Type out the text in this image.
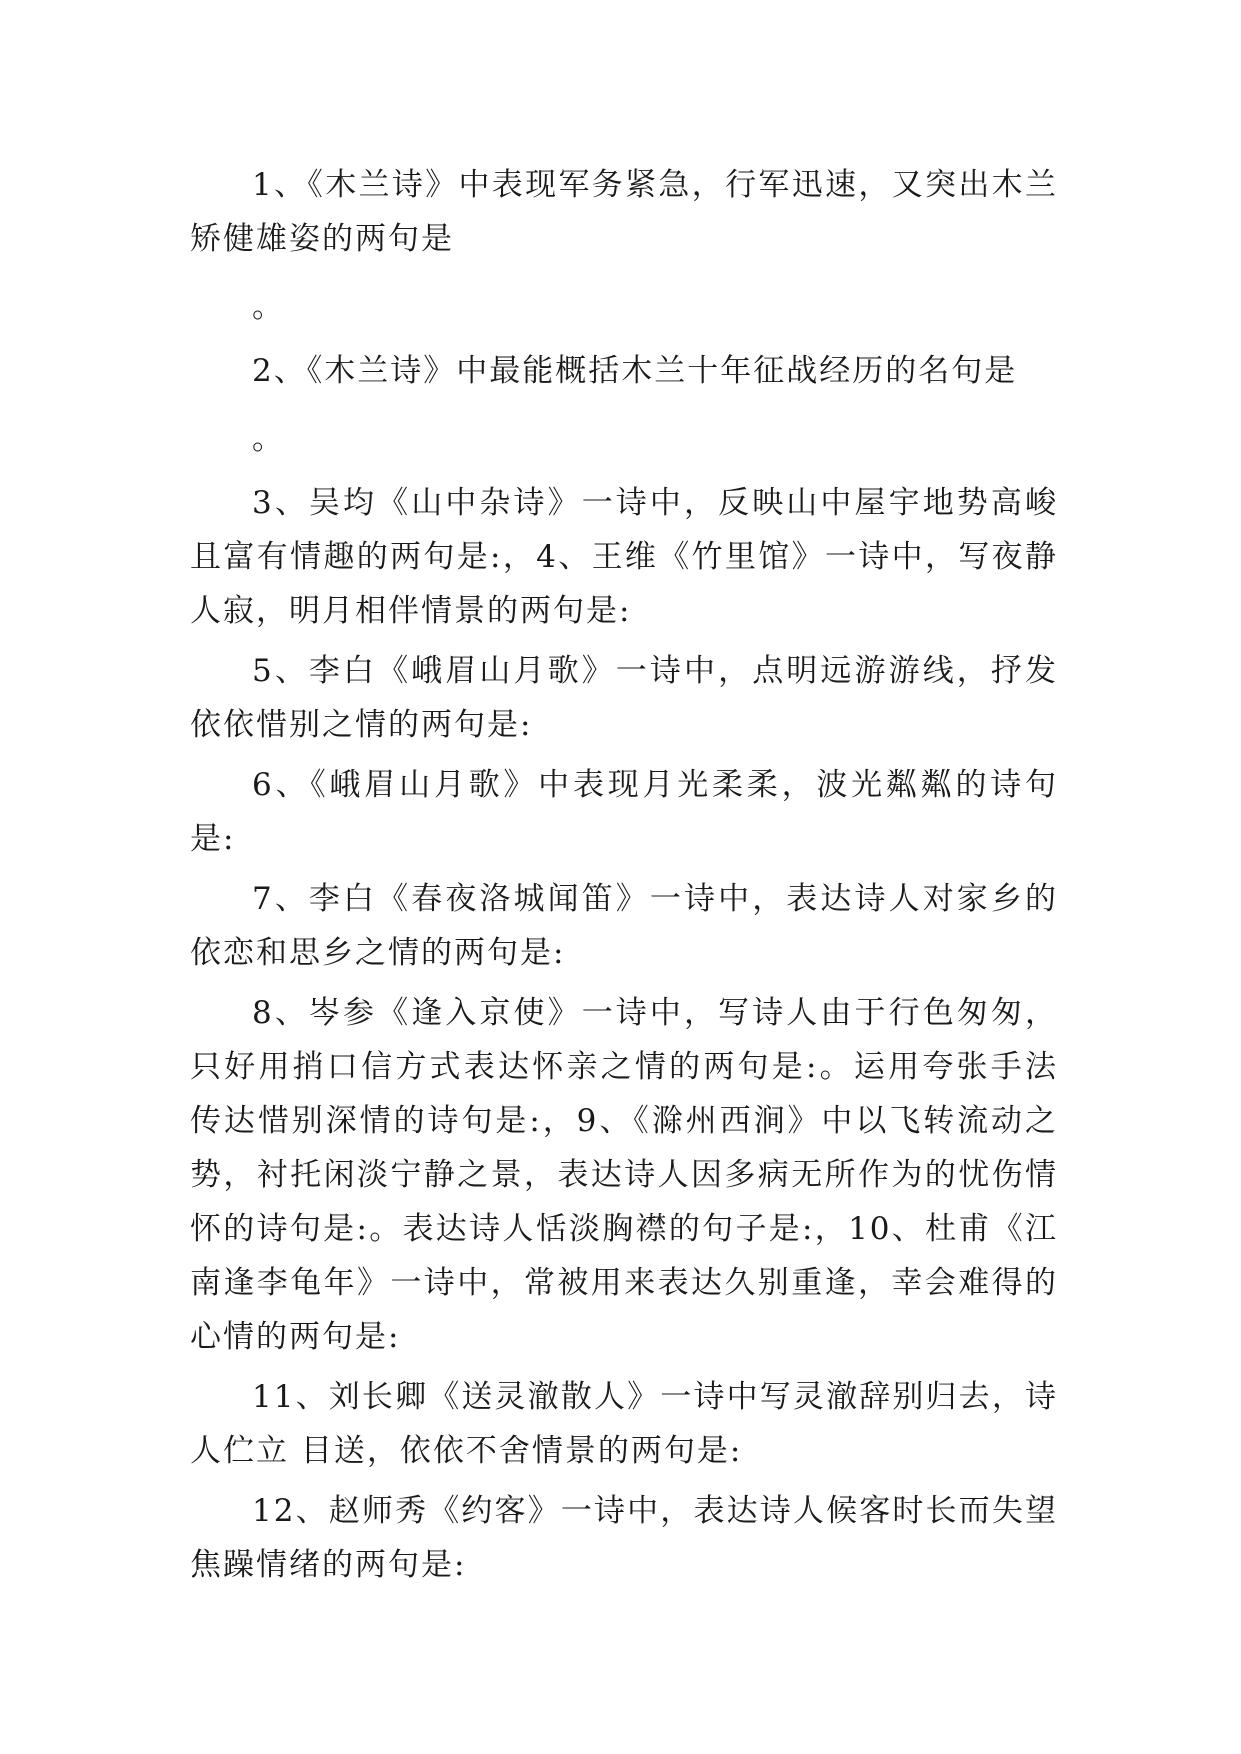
1、《木兰诗》中表现军务紧急，行军迅速，又突出木兰矫健雄姿的两句是

。

2、《木兰诗》中最能概括木兰十年征战经历的名句是

。

3、吴均《山中杂诗》一诗中，反映山中屋宇地势高峻且富有情趣的两句是:，4、王维《竹里馆》一诗中，写夜静人寂，明月相伴情景的两句是:

5、李白《峨眉山月歌》一诗中，点明远游游线，抒发依依惜别之情的两句是:

6、《峨眉山月歌》中表现月光柔柔，波光粼粼的诗句是:

7、李白《春夜洛城闻笛》一诗中，表达诗人对家乡的依恋和思乡之情的两句是:

8、岑参《逢入京使》一诗中，写诗人由于行色匆匆，只好用捎口信方式表达怀亲之情的两句是:。运用夸张手法传达惜别深情的诗句是:，9、《滁州西涧》中以飞转流动之势，衬托闲淡宁静之景，表达诗人因多病无所作为的忧伤情怀的诗句是:。表达诗人恬淡胸襟的句子是:，10、杜甫《江南逢李龟年》一诗中，常被用来表达久别重逢，幸会难得的心情的两句是:

11、刘长卿《送灵澈散人》一诗中写灵澈辞别归去，诗人伫立 目送，依依不舍情景的两句是:

12、赵师秀《约客》一诗中，表达诗人候客时长而失望焦躁情绪的两句是:
